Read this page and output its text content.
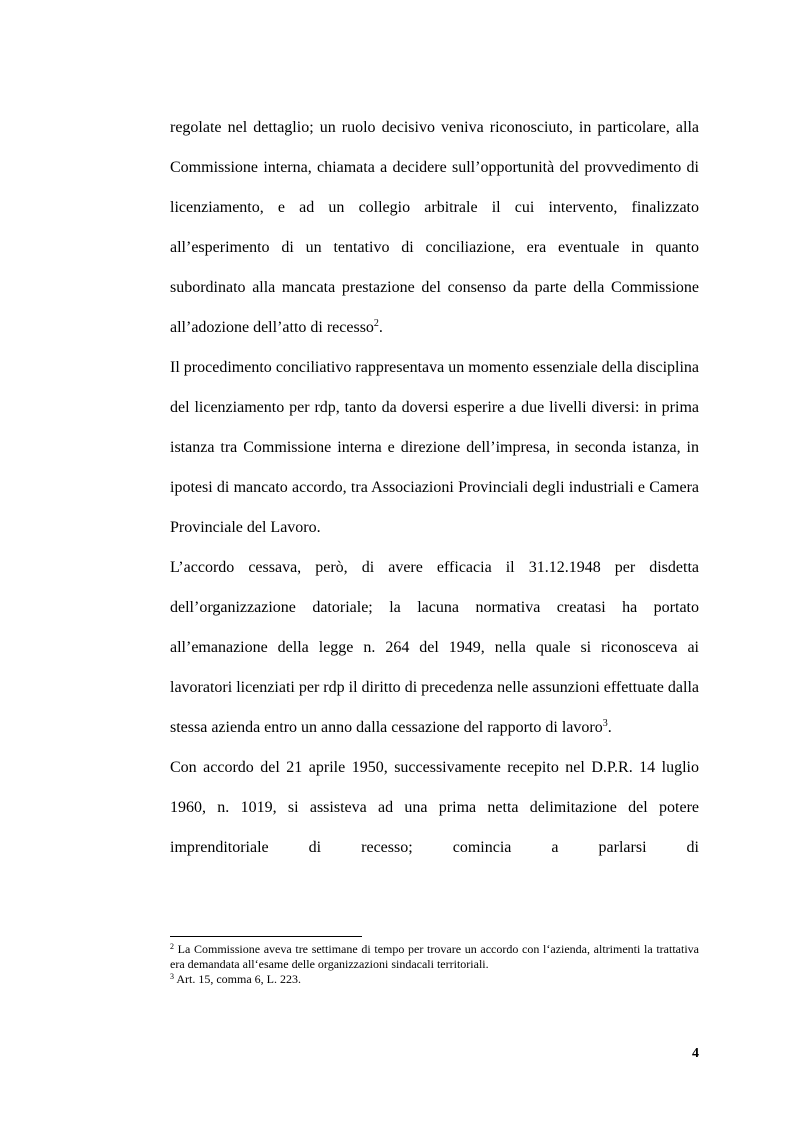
regolate nel dettaglio; un ruolo decisivo veniva riconosciuto, in particolare, alla Commissione interna, chiamata a decidere sull’opportunità del provvedimento di licenziamento, e ad un collegio arbitrale il cui intervento, finalizzato all’esperimento di un tentativo di conciliazione, era eventuale in quanto subordinato alla mancata prestazione del consenso da parte della Commissione all’adozione dell’atto di recesso$^2$.

Il procedimento conciliativo rappresentava un momento essenziale della disciplina del licenziamento per rdp, tanto da doversi esperire a due livelli diversi: in prima istanza tra Commissione interna e direzione dell’impresa, in seconda istanza, in ipotesi di mancato accordo, tra Associazioni Provinciali degli industriali e Camera Provinciale del Lavoro.

L’accordo cessava, però, di avere efficacia il 31.12.1948 per disdetta dell’organizzazione datoriale; la lacuna normativa creatasi ha portato all’emanazione della legge n. 264 del 1949, nella quale si riconosceva ai lavoratori licenziati per rdp il diritto di precedenza nelle assunzioni effettuate dalla stessa azienda entro un anno dalla cessazione del rapporto di lavoro$^3$.

Con accordo del 21 aprile 1950, successivamente recepito nel D.P.R. 14 luglio 1960, n. 1019, si assisteva ad una prima netta delimitazione del potere imprenditoriale di recesso; comincia a parlarsi di

$^2$ La Commissione aveva tre settimane di tempo per trovare un accordo con l‘azienda, altrimenti la trattativa era demandata all‘esame delle organizzazioni sindacali territoriali.

$^3$ Art. 15, comma 6, L. 223.

4
